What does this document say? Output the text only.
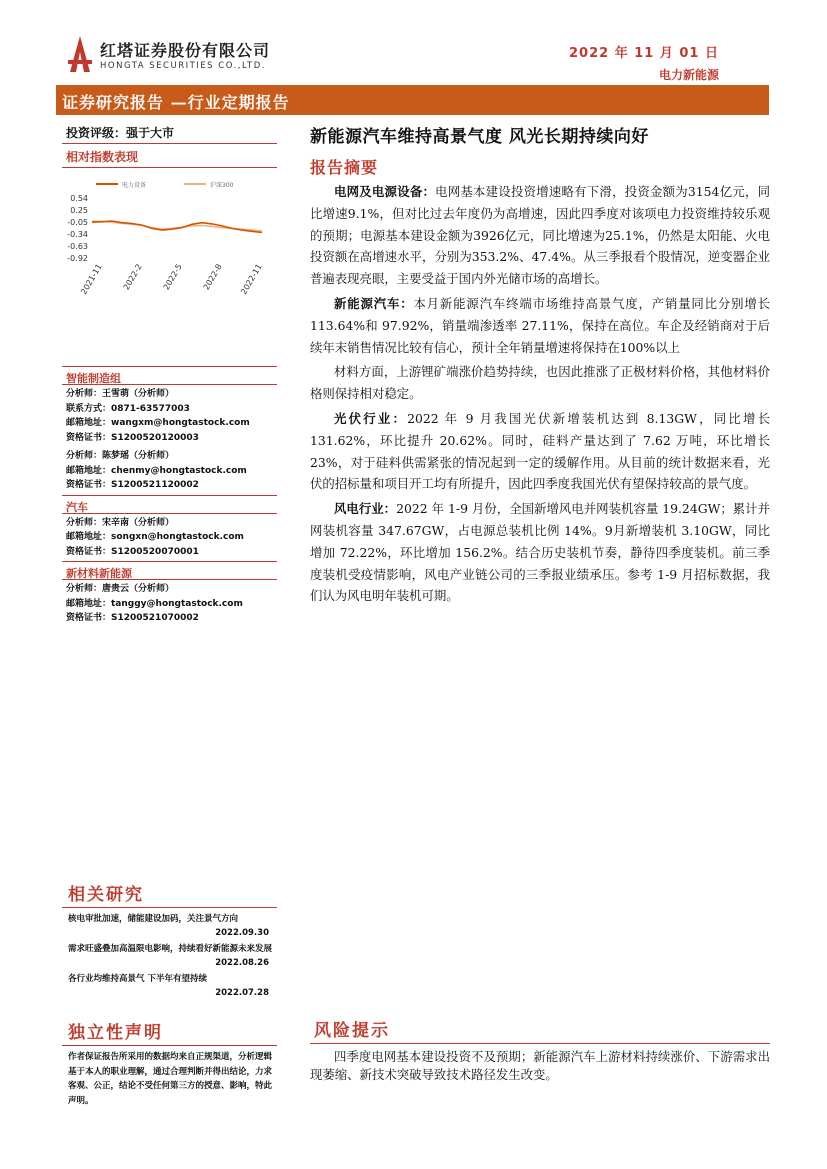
红塔证券股份有限公司
HONGTA SECURITIES CO.,LTD.
2022 年 11 月 01 日
电力新能源
证券研究报告 —行业定期报告
投资评级：强于大市
相对指数表现
电力设备	沪深300
0.54
0.25
-0.05
-0.34
-0.63
-0.92
2021-11 2022-2 2022-5 2022-8 2022-11
智能制造组
分析师：王雪萌（分析师）
联系方式：0871-63577003
邮箱地址：wangxm@hongtastock.com
资格证书：S1200520120003
分析师：陈梦瑶（分析师）
邮箱地址：chenmy@hongtastock.com
资格证书：S1200521120002
汽车
分析师：宋辛南（分析师）
邮箱地址：songxn@hongtastock.com
资格证书：S1200520070001
新材料新能源
分析师：唐贵云（分析师）
邮箱地址：tanggy@hongtastock.com
资格证书：S1200521070002
相关研究
核电审批加速，储能建设加码，关注景气方向
2022.09.30
需求旺盛叠加高温限电影响，持续看好新能源未来发展
2022.08.26
各行业均维持高景气 下半年有望持续
2022.07.28
独立性声明
作者保证报告所采用的数据均来自正规渠道，分析逻辑基于本人的职业理解，通过合理判断并得出结论，力求客观、公正，结论不受任何第三方的授意、影响，特此声明。
新能源汽车维持高景气度 风光长期持续向好
报告摘要
电网及电源设备：电网基本建设投资增速略有下滑，投资金额为3154亿元，同比增速9.1%，但对比过去年度仍为高增速，因此四季度对该项电力投资维持较乐观的预期；电源基本建设金额为3926亿元，同比增速为25.1%，仍然是太阳能、火电投资额在高增速水平，分别为353.2%、47.4%。从三季报看个股情况，逆变器企业普遍表现亮眼，主要受益于国内外光储市场的高增长。
新能源汽车：本月新能源汽车终端市场维持高景气度，产销量同比分别增长 113.64%和 97.92%，销量端渗透率 27.11%，保持在高位。车企及经销商对于后续年末销售情况比较有信心，预计全年销量增速将保持在100%以上
材料方面，上游锂矿端涨价趋势持续，也因此推涨了正极材料价格，其他材料价格则保持相对稳定。
光伏行业：2022 年 9 月我国光伏新增装机达到 8.13GW，同比增长 131.62%，环比提升 20.62%。同时，硅料产量达到了 7.62 万吨，环比增长 23%，对于硅料供需紧张的情况起到一定的缓解作用。从目前的统计数据来看，光伏的招标量和项目开工均有所提升，因此四季度我国光伏有望保持较高的景气度。
风电行业：2022 年 1-9 月份，全国新增风电并网装机容量 19.24GW；累计并网装机容量 347.67GW，占电源总装机比例 14%。9月新增装机 3.10GW，同比增加 72.22%，环比增加 156.2%。结合历史装机节奏，静待四季度装机。前三季度装机受疫情影响，风电产业链公司的三季报业绩承压。参考 1-9 月招标数据，我们认为风电明年装机可期。
风险提示
四季度电网基本建设投资不及预期；新能源汽车上游材料持续涨价、下游需求出现萎缩、新技术突破导致技术路径发生改变。
